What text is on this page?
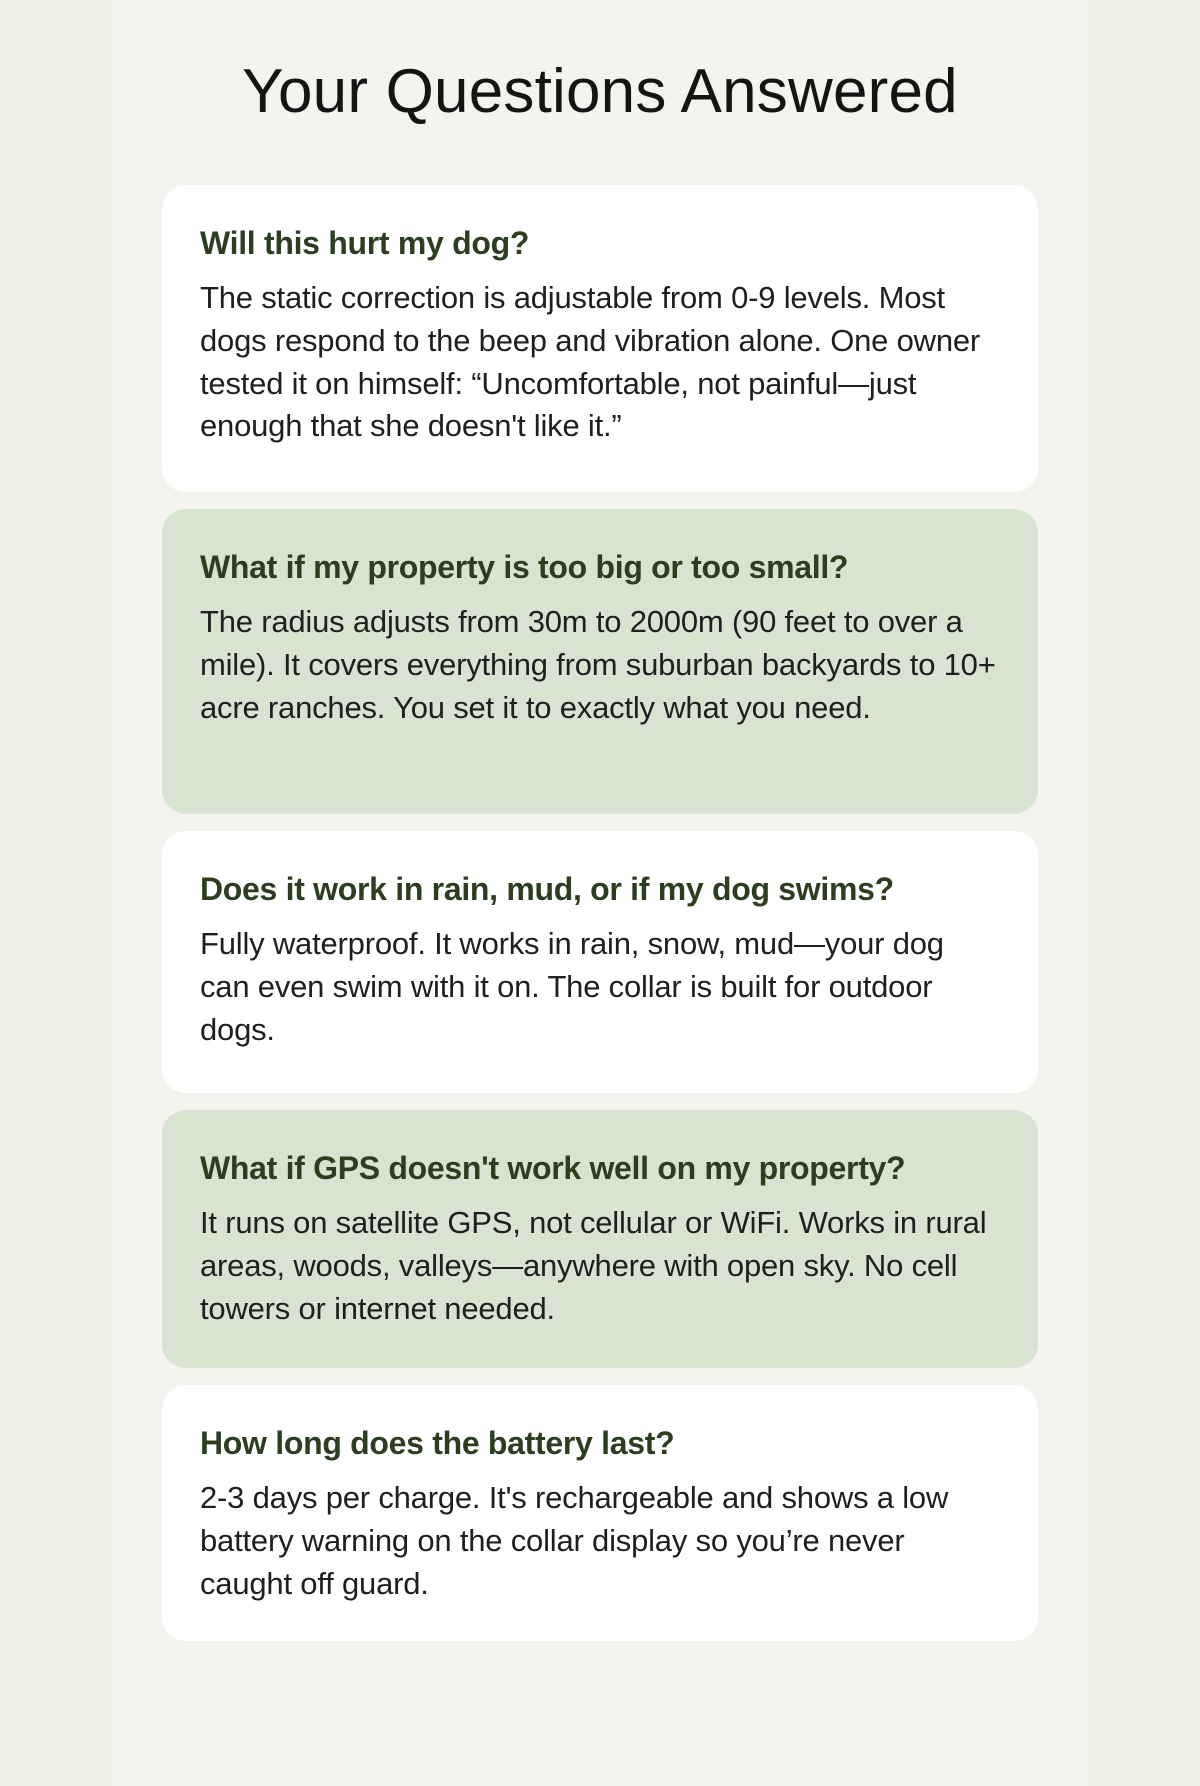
Your Questions Answered
Will this hurt my dog?

The static correction is adjustable from 0-9 levels. Most dogs respond to the beep and vibration alone. One owner tested it on himself: “Uncomfortable, not painful—just enough that she doesn't like it.”

What if my property is too big or too small?

The radius adjusts from 30m to 2000m (90 feet to over a mile). It covers everything from suburban backyards to 10+ acre ranches. You set it to exactly what you need.

Does it work in rain, mud, or if my dog swims?

Fully waterproof. It works in rain, snow, mud—your dog can even swim with it on. The collar is built for outdoor dogs.

What if GPS doesn't work well on my property?

It runs on satellite GPS, not cellular or WiFi. Works in rural areas, woods, valleys—anywhere with open sky. No cell towers or internet needed.

How long does the battery last?

2-3 days per charge. It's rechargeable and shows a low battery warning on the collar display so you’re never caught off guard.
